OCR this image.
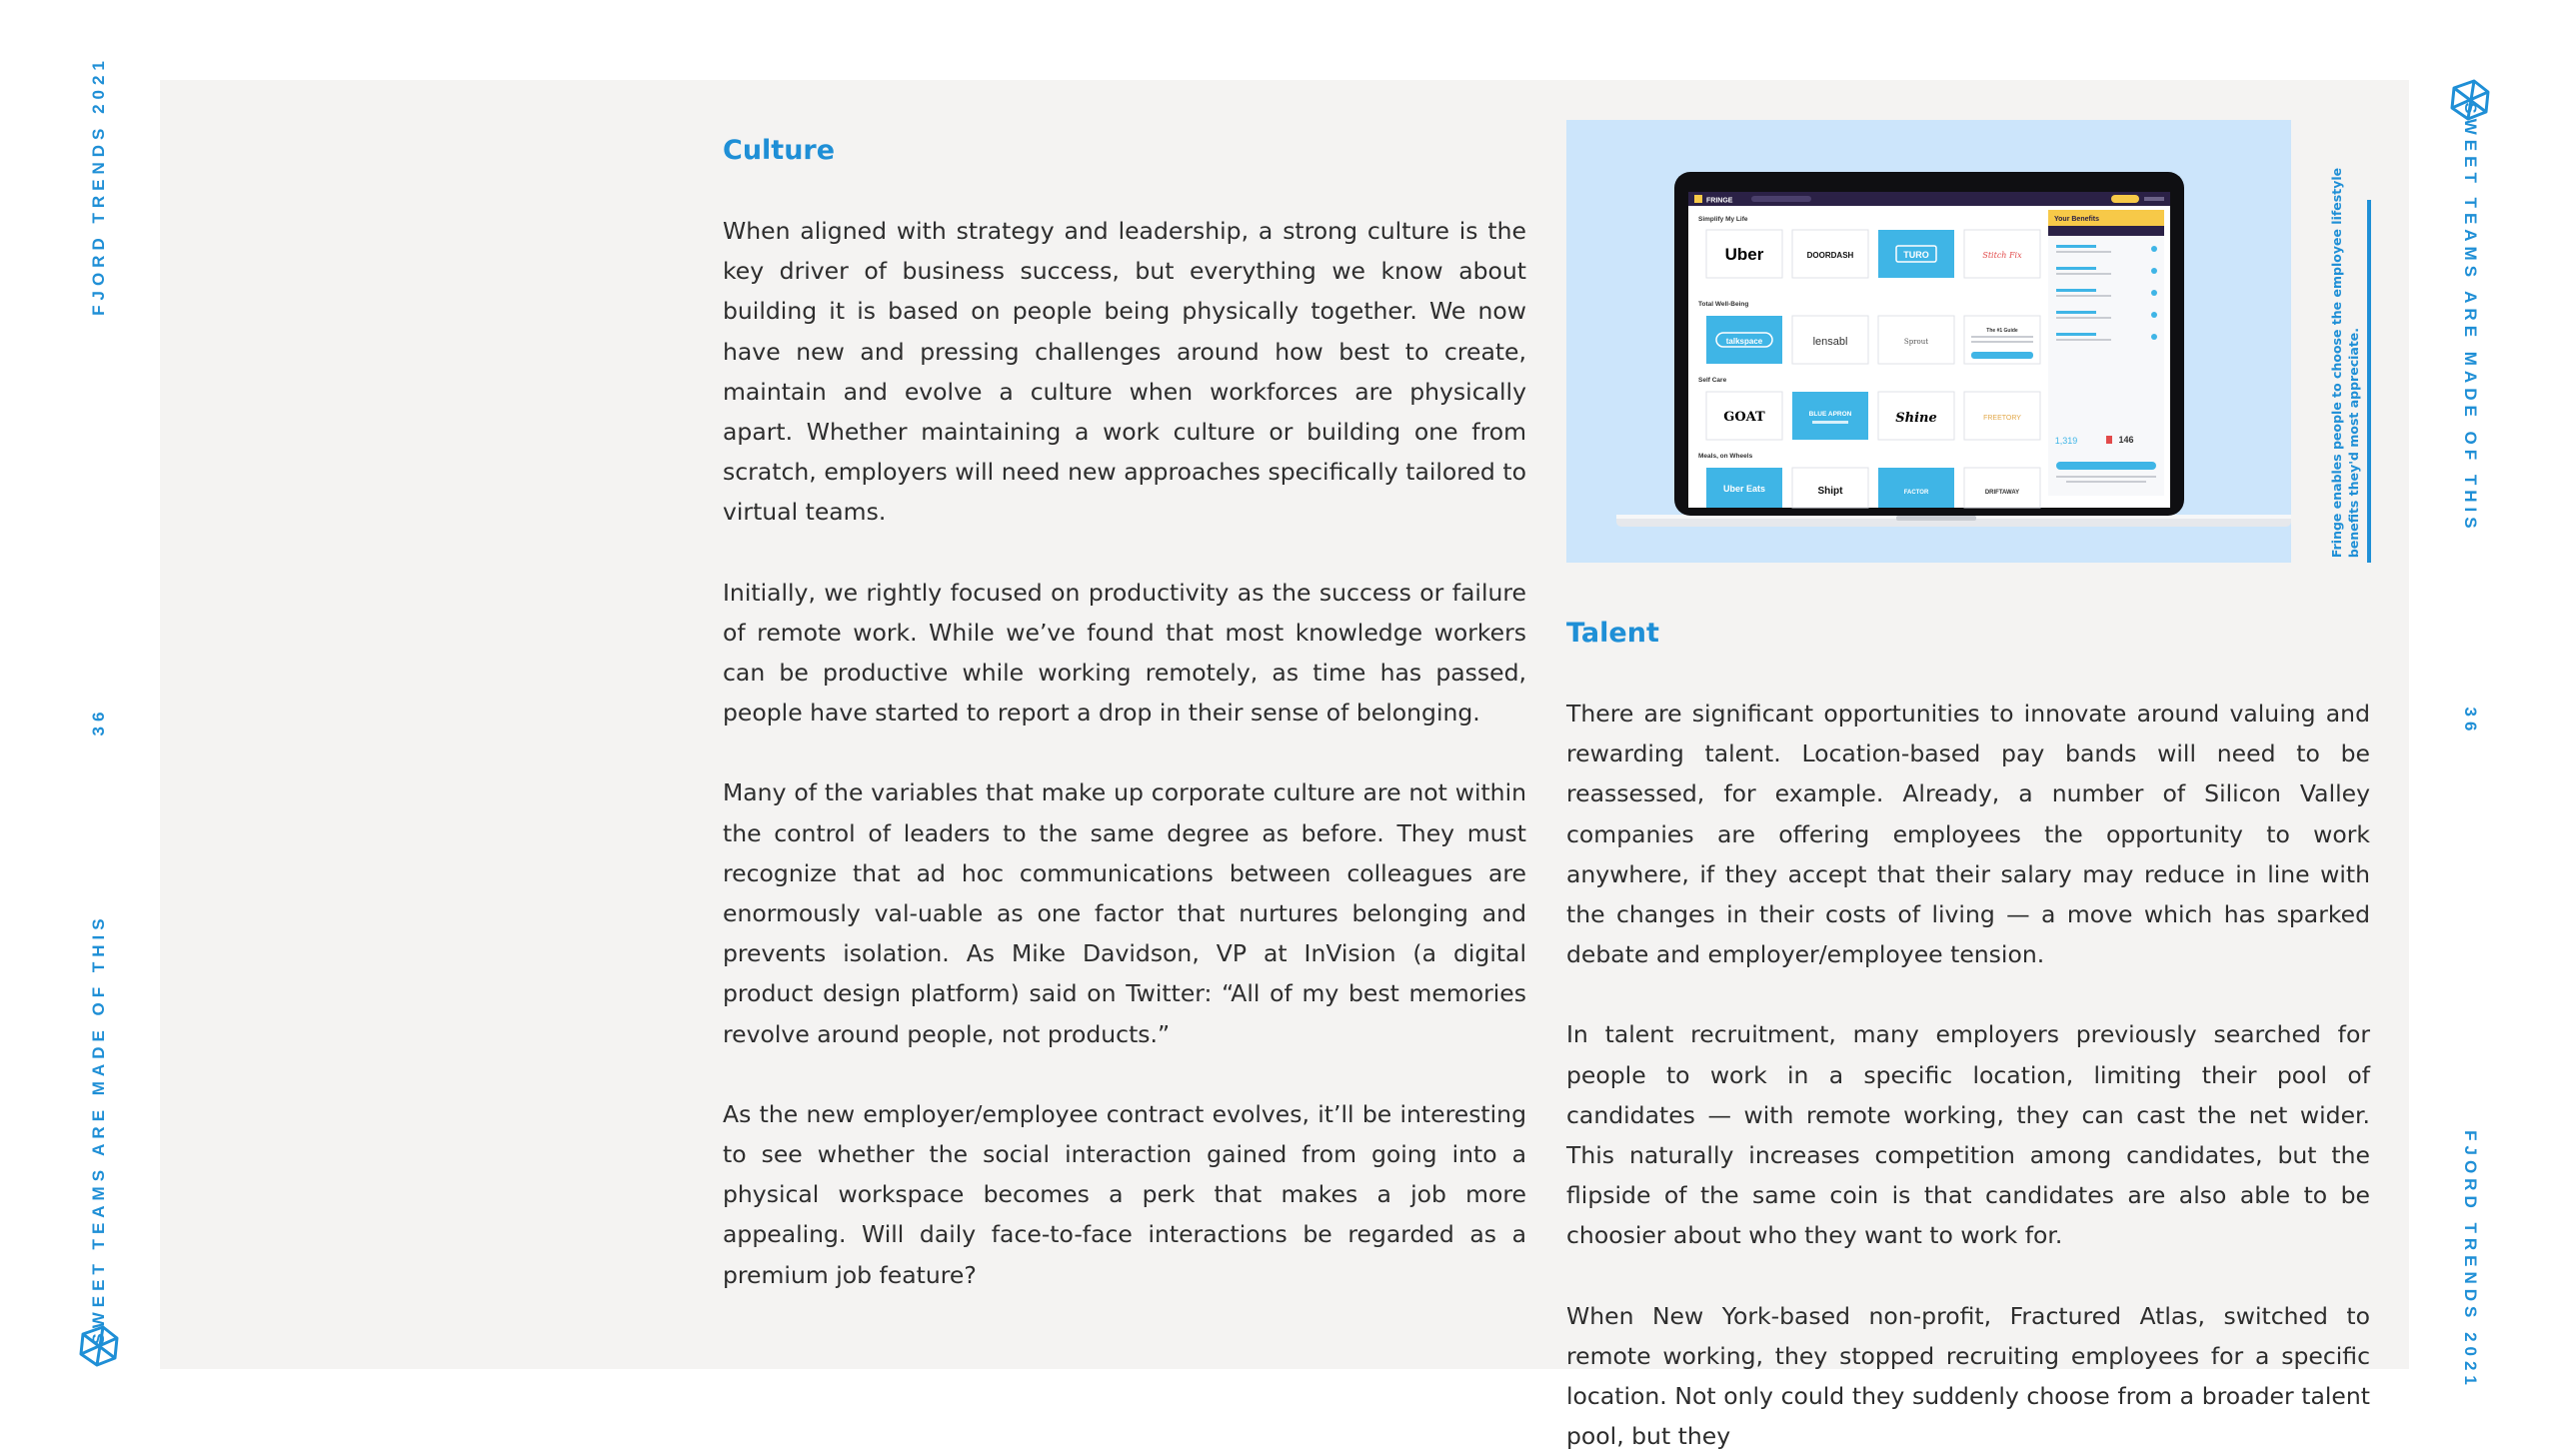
FJORD TRENDS 2021
36
SWEET TEAMS ARE MADE OF THIS
SWEET TEAMS ARE MADE OF THIS
36
FJORD TRENDS 2021
Culture

When aligned with strategy and leadership, a strong culture is the key driver of business success, but everything we know about building it is based on people being physically together. We now have new and pressing challenges around how best to create, maintain and evolve a culture when workforces are physically apart. Whether maintaining a work culture or building one from scratch, employers will need new approaches specifically tailored to virtual teams.

Initially, we rightly focused on productivity as the success or failure of remote work. While we’ve found that most knowledge workers can be productive while working remotely, as time has passed, people have started to report a drop in their sense of belonging.

Many of the variables that make up corporate culture are not within the control of leaders to the same degree as before. They must recognize that ad hoc communications between colleagues are enormously val-uable as one factor that nurtures belonging and prevents isolation. As Mike Davidson, VP at InVision (a digital product design platform) said on Twitter: “All of my best memories revolve around people, not products.”

As the new employer/employee contract evolves, it’ll be interesting to see whether the social interaction gained from going into a physical workspace becomes a perk that makes a job more appealing. Will daily face-to-face interactions be regarded as a premium job feature?

FRINGE
Simplify My Life
Total Well-Being
Self Care
Meals, on Wheels
Uber	DOORDASH	TURO	Stitch Fix
talkspace	lensabl	Sprout
The #1 Guide
GOAT	BLUE APRON	Shine	FREETORY
Uber Eats	Shipt	FACTOR	DRIFTAWAY
Your Benefits
1,319	146	Fringe enables people to choose the employee lifestyle benefits they'd most appreciate.
Talent

There are significant opportunities to innovate around valuing and rewarding talent. Location-based pay bands will need to be reassessed, for example. Already, a number of Silicon Valley companies are offering employees the opportunity to work anywhere, if they accept that their salary may reduce in line with the changes in their costs of living — a move which has sparked debate and employer/employee tension.

In talent recruitment, many employers previously searched for people to work in a specific location, limiting their pool of candidates — with remote working, they can cast the net wider. This naturally increases competition among candidates, but the flipside of the same coin is that candidates are also able to be choosier about who they want to work for.

When New York-based non-profit, Fractured Atlas, switched to remote working, they stopped recruiting employees for a specific location. Not only could they suddenly choose from a broader talent pool, but they
